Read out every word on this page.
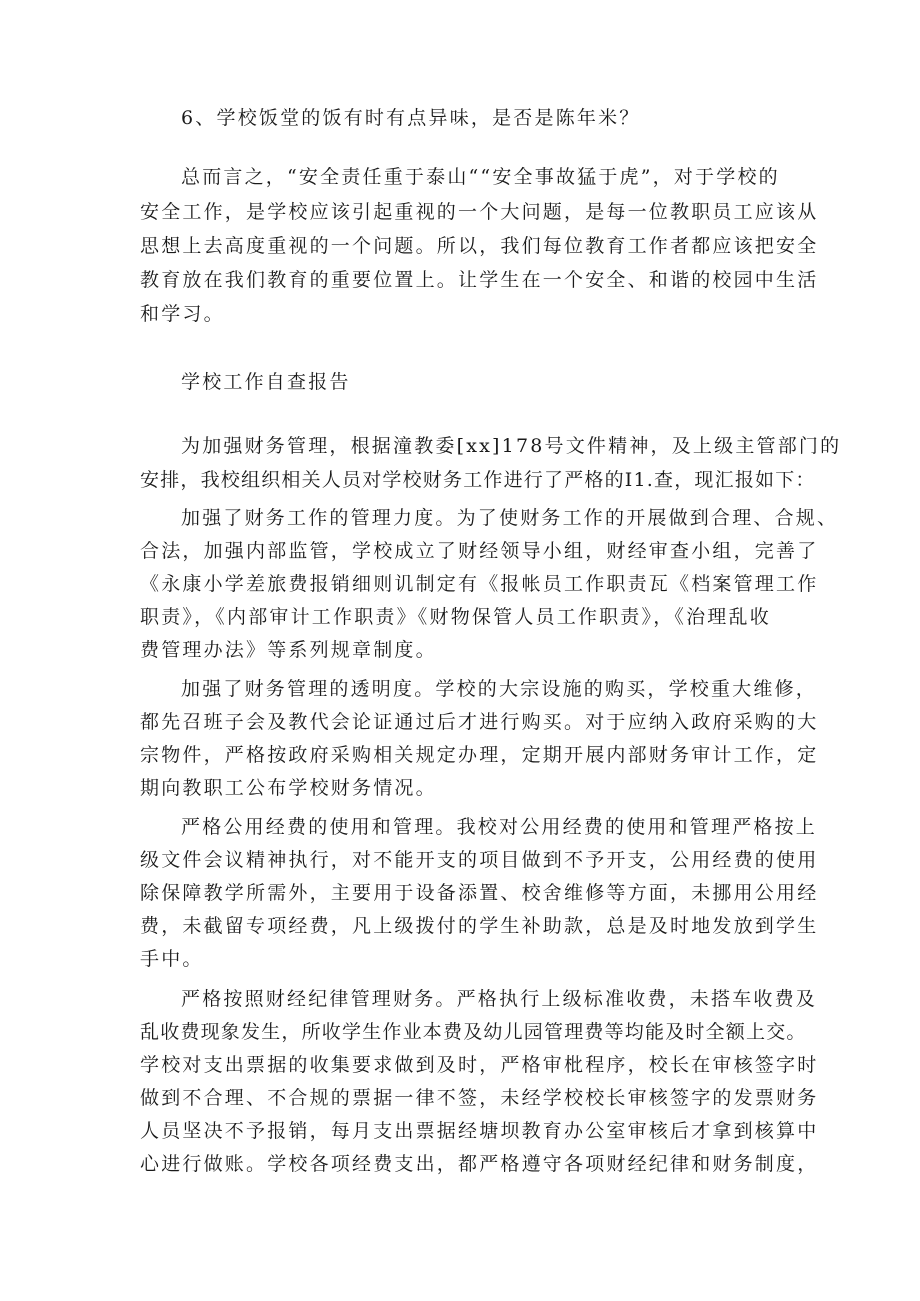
6、学校饭堂的饭有时有点异味，是否是陈年米？
总而言之，“安全责任重于泰山““安全事故猛于虎”，对于学校的
安全工作，是学校应该引起重视的一个大问题，是每一位教职员工应该从
思想上去高度重视的一个问题。所以，我们每位教育工作者都应该把安全
教育放在我们教育的重要位置上。让学生在一个安全、和谐的校园中生活
和学习。
学校工作自查报告
为加强财务管理，根据潼教委[xx]178号文件精神，及上级主管部门的
安排，我校组织相关人员对学校财务工作进行了严格的I1.查，现汇报如下：
加强了财务工作的管理力度。为了使财务工作的开展做到合理、合规、
合法，加强内部监管，学校成立了财经领导小组，财经审查小组，完善了
《永康小学差旅费报销细则讥制定有《报帐员工作职责瓦《档案管理工作
职责》，《内部审计工作职责》《财物保管人员工作职责》，《治理乱收
费管理办法》等系列规章制度。
加强了财务管理的透明度。学校的大宗设施的购买，学校重大维修，
都先召班子会及教代会论证通过后才进行购买。对于应纳入政府采购的大
宗物件，严格按政府采购相关规定办理，定期开展内部财务审计工作，定
期向教职工公布学校财务情况。
严格公用经费的使用和管理。我校对公用经费的使用和管理严格按上
级文件会议精神执行，对不能开支的项目做到不予开支，公用经费的使用
除保障教学所需外，主要用于设备添置、校舍维修等方面，未挪用公用经
费，未截留专项经费，凡上级拨付的学生补助款，总是及时地发放到学生
手中。
严格按照财经纪律管理财务。严格执行上级标准收费，未搭车收费及
乱收费现象发生，所收学生作业本费及幼儿园管理费等均能及时全额上交。
学校对支出票据的收集要求做到及时，严格审枇程序，校长在审核签字时
做到不合理、不合规的票据一律不签，未经学校校长审核签字的发票财务
人员坚决不予报销，每月支出票据经塘坝教育办公室审核后才拿到核算中
心进行做账。学校各项经费支出，都严格遵守各项财经纪律和财务制度，
